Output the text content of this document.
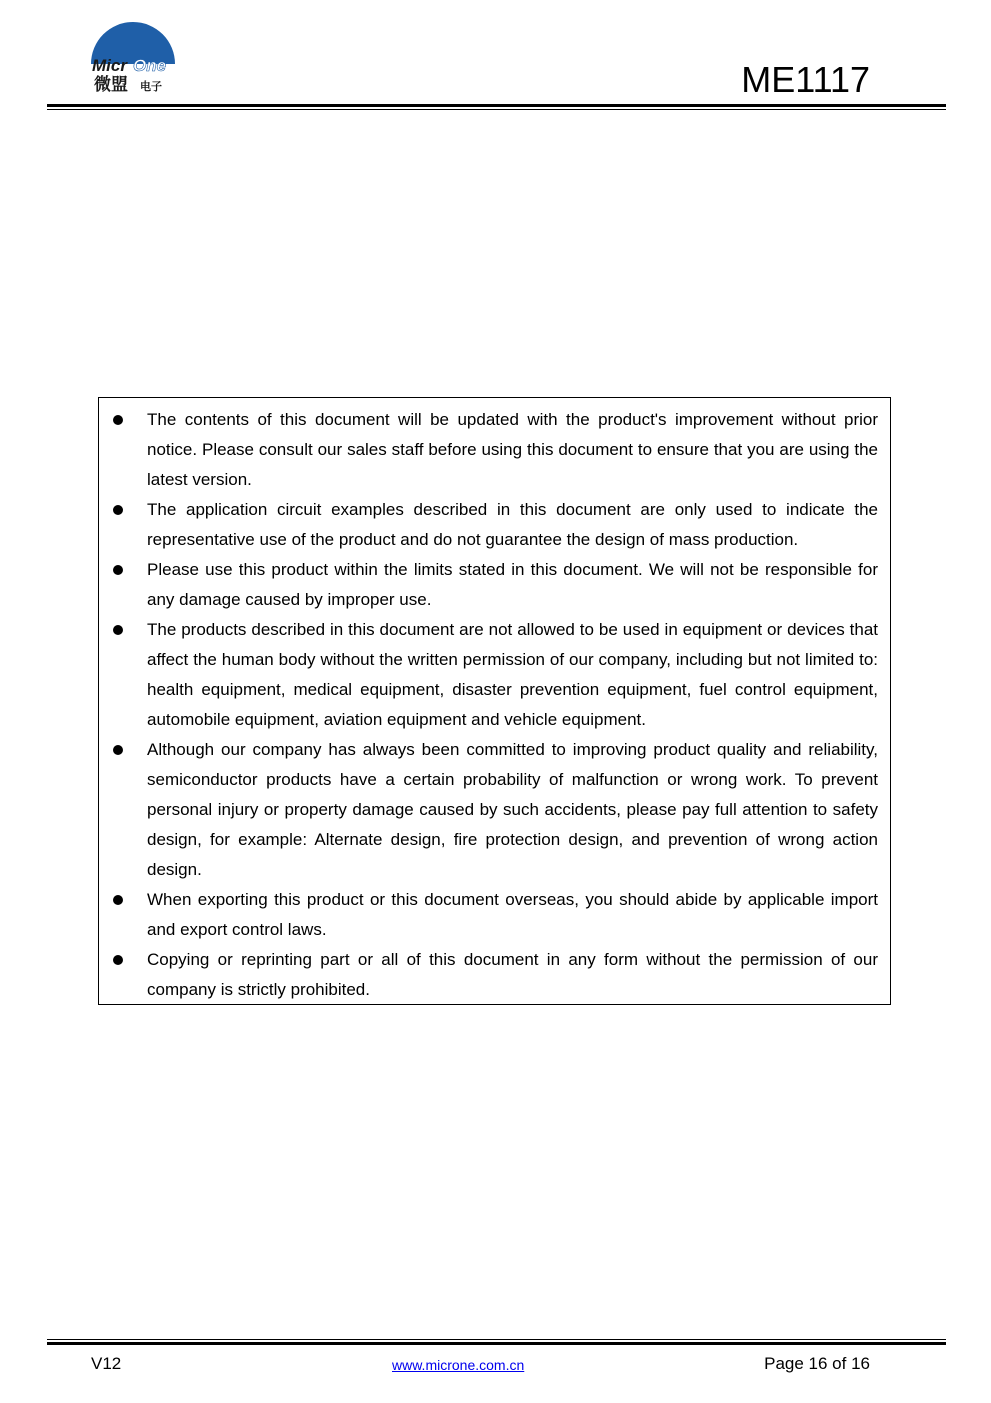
Micr One
微盟 电子	ME1117
The contents of this document will be updated with the product's improvement without prior notice. Please consult our sales staff before using this document to ensure that you are using the latest version.
The application circuit examples described in this document are only used to indicate the representative use of the product and do not guarantee the design of mass production.
Please use this product within the limits stated in this document. We will not be responsible for any damage caused by improper use.
The products described in this document are not allowed to be used in equipment or devices that affect the human body without the written permission of our company, including but not limited to: health equipment, medical equipment, disaster prevention equipment, fuel control equipment, automobile equipment, aviation equipment and vehicle equipment.
Although our company has always been committed to improving product quality and reliability, semiconductor products have a certain probability of malfunction or wrong work. To prevent personal injury or property damage caused by such accidents, please pay full attention to safety design, for example: Alternate design, fire protection design, and prevention of wrong action design.
When exporting this product or this document overseas, you should abide by applicable import and export control laws.
Copying or reprinting part or all of this document in any form without the permission of our company is strictly prohibited.
V12	www.microne.com.cn	Page 16 of 16
